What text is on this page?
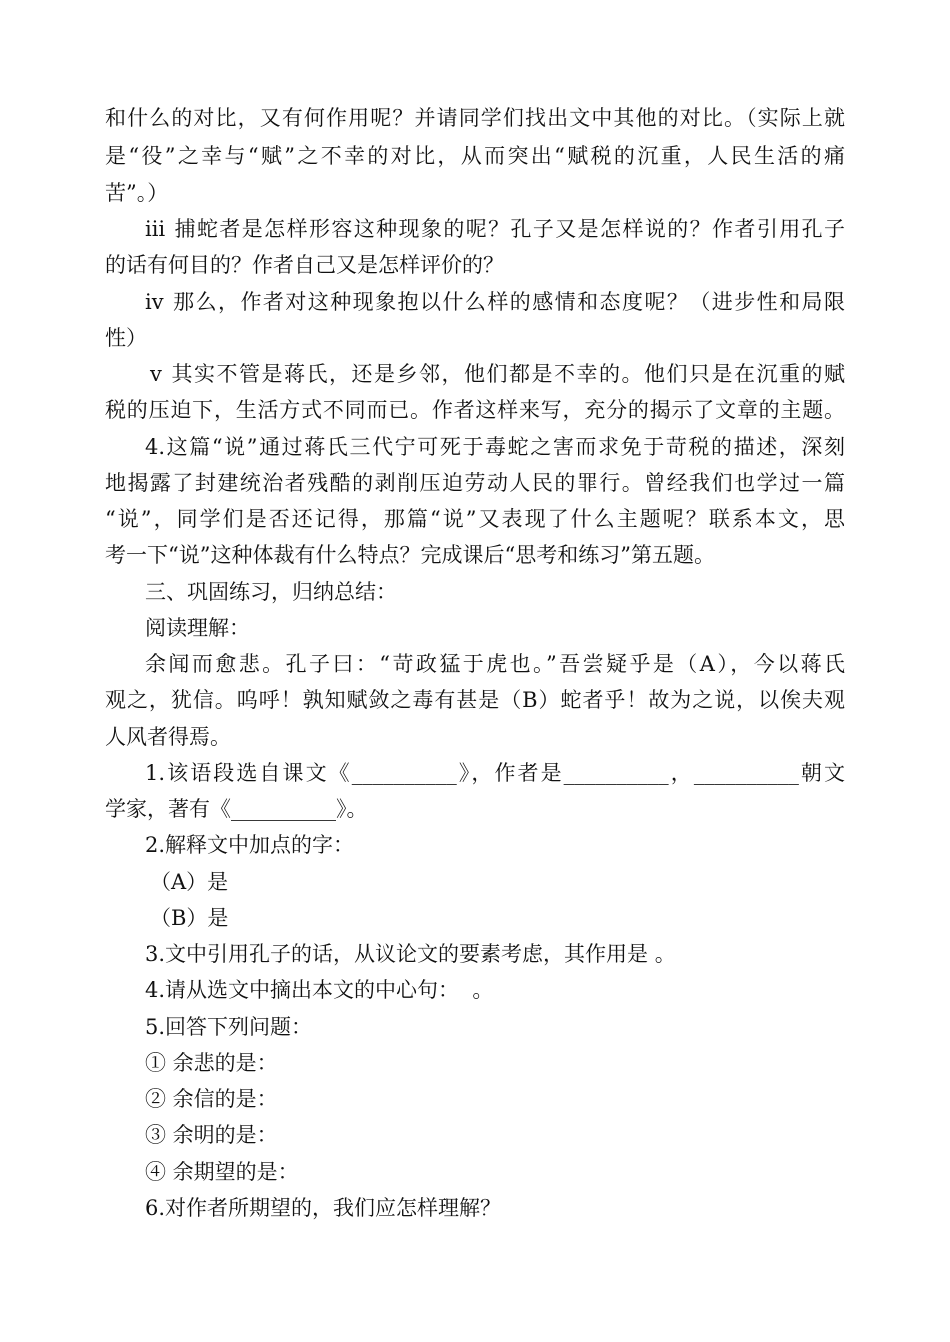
和什么的对比，又有何作用呢？并请同学们找出文中其他的对比。（实际上就
是“役”之幸与“赋”之不幸的对比，从而突出“赋税的沉重，人民生活的痛
苦”。）
ⅲ 捕蛇者是怎样形容这种现象的呢？孔子又是怎样说的？作者引用孔子
的话有何目的？作者自己又是怎样评价的？
ⅳ 那么，作者对这种现象抱以什么样的感情和态度呢？（进步性和局限
性）
ⅴ 其实不管是蒋氏，还是乡邻，他们都是不幸的。他们只是在沉重的赋
税的压迫下，生活方式不同而已。作者这样来写，充分的揭示了文章的主题。
4.这篇“说”通过蒋氏三代宁可死于毒蛇之害而求免于苛税的描述，深刻
地揭露了封建统治者残酷的剥削压迫劳动人民的罪行。曾经我们也学过一篇
“说”，同学们是否还记得，那篇“说”又表现了什么主题呢？联系本文，思
考一下“说”这种体裁有什么特点？完成课后“思考和练习”第五题。
三、巩固练习，归纳总结：
阅读理解：
余闻而愈悲。孔子曰：“苛政猛于虎也。”吾尝疑乎是（A），今以蒋氏
观之，犹信。呜呼！孰知赋敛之毒有甚是（B）蛇者乎！故为之说，以俟夫观
人风者得焉。
1.该语段选自课文《__________》，作者是__________，__________朝文
学家，著有《__________》。
2.解释文中加点的字：
（A）是
（B）是
3.文中引用孔子的话，从议论文的要素考虑，其作用是 。
4.请从选文中摘出本文的中心句：  。
5.回答下列问题：
① 余悲的是：
② 余信的是：
③ 余明的是：
④ 余期望的是：
6.对作者所期望的，我们应怎样理解？
